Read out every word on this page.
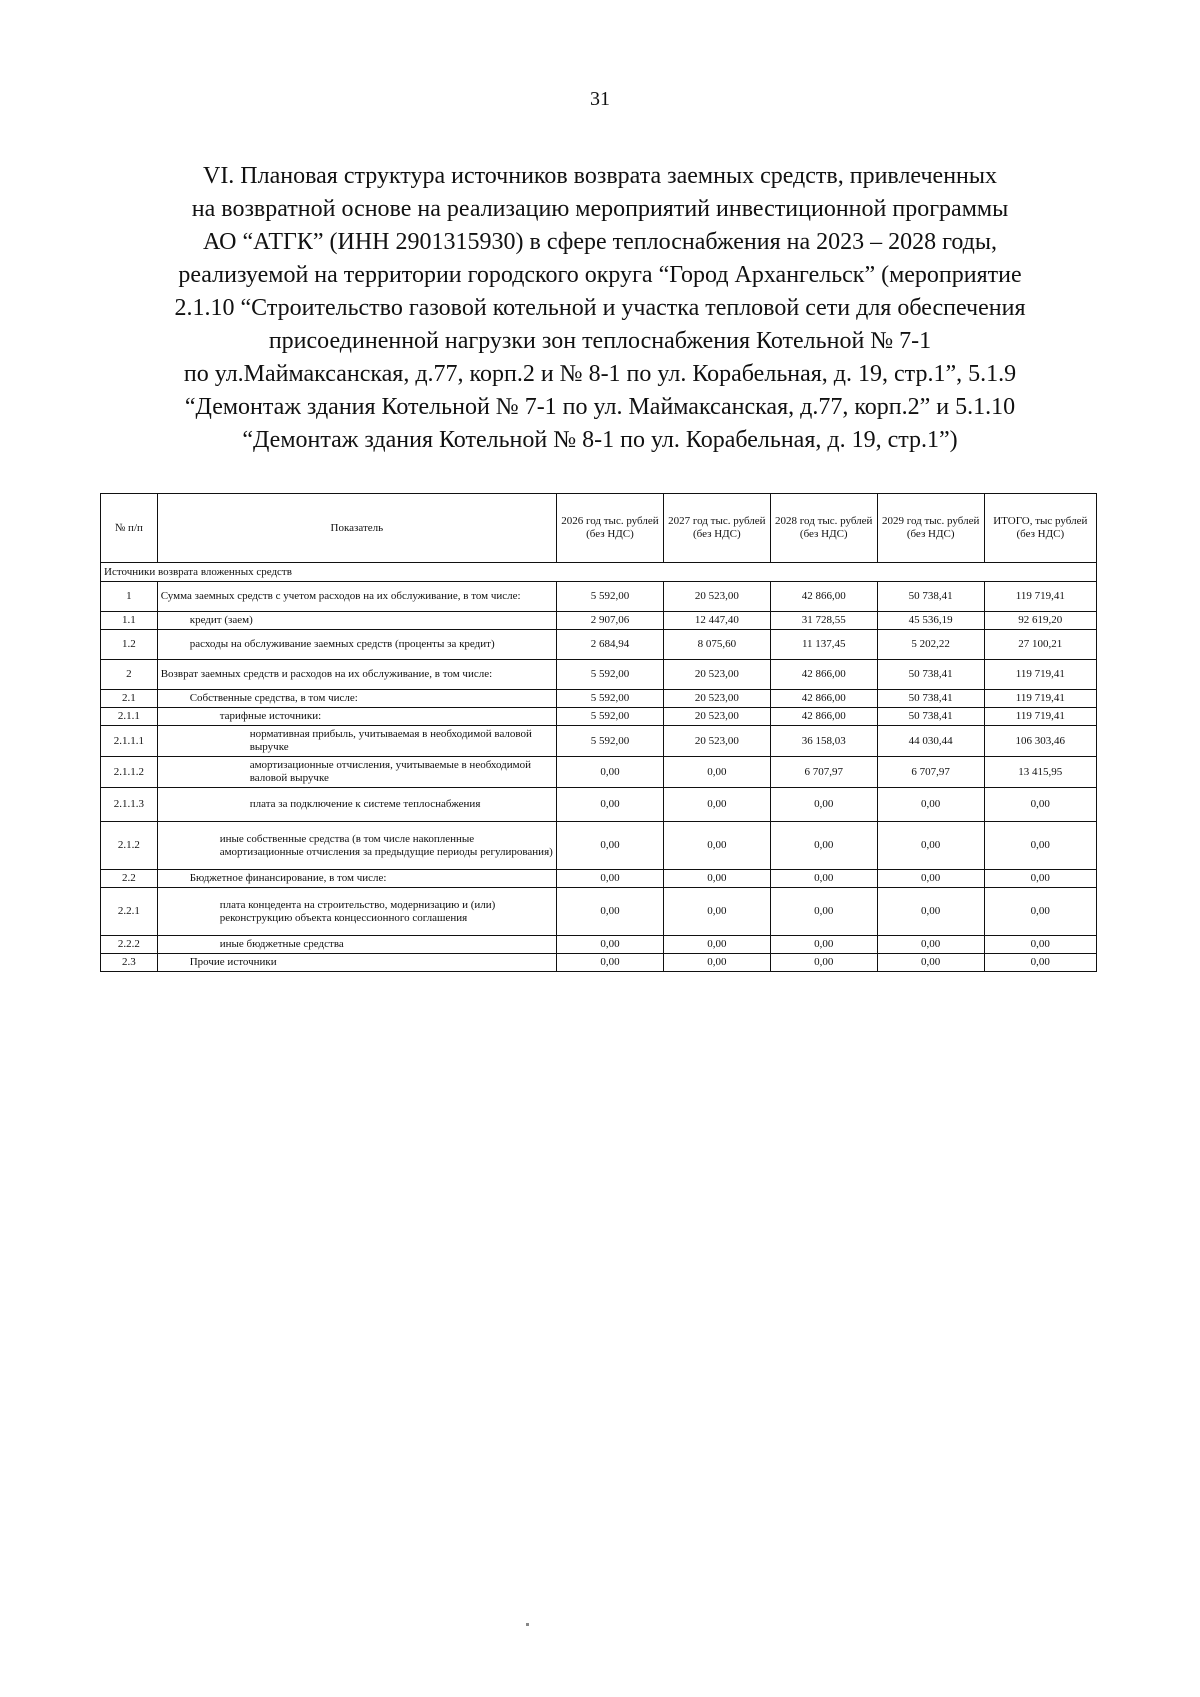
31
VI. Плановая структура источников возврата заемных средств, привлеченных
на возвратной основе на реализацию мероприятий инвестиционной программы
АО “АТГК” (ИНН 2901315930) в сфере теплоснабжения на 2023 – 2028 годы,
реализуемой на территории городского округа “Город Архангельск” (мероприятие
2.1.10 “Строительство газовой котельной и участка тепловой сети для обеспечения
присоединенной нагрузки зон теплоснабжения Котельной № 7-1
по ул.Маймаксанская, д.77, корп.2 и № 8-1 по ул. Корабельная, д. 19, стр.1”, 5.1.9
“Демонтаж здания Котельной № 7-1 по ул. Маймаксанская, д.77, корп.2” и 5.1.10
“Демонтаж здания Котельной № 8-1 по ул. Корабельная, д. 19, стр.1”)
№ п/п	Показатель	2026 год тыс. рублей (без НДС)	2027 год тыс. рублей (без НДС)	2028 год тыс. рублей (без НДС)	2029 год тыс. рублей (без НДС)	ИТОГО, тыс рублей (без НДС)
Источники возврата вложенных средств						
1	Сумма заемных средств с учетом расходов на их обслуживание, в том числе:	5 592,00	20 523,00	42 866,00	50 738,41	119 719,41
1.1	кредит (заем)	2 907,06	12 447,40	31 728,55	45 536,19	92 619,20
1.2	расходы на обслуживание заемных средств (проценты за кредит)	2 684,94	8 075,60	11 137,45	5 202,22	27 100,21
2	Возврат заемных средств и расходов на их обслуживание, в том числе:	5 592,00	20 523,00	42 866,00	50 738,41	119 719,41
2.1	Собственные средства, в том числе:	5 592,00	20 523,00	42 866,00	50 738,41	119 719,41
2.1.1	тарифные источники:	5 592,00	20 523,00	42 866,00	50 738,41	119 719,41
2.1.1.1	нормативная прибыль, учитываемая в необходимой валовой выручке	5 592,00	20 523,00	36 158,03	44 030,44	106 303,46
2.1.1.2	амортизационные отчисления, учитываемые в необходимой валовой выручке	0,00	0,00	6 707,97	6 707,97	13 415,95
2.1.1.3	плата за подключение к системе теплоснабжения	0,00	0,00	0,00	0,00	0,00
2.1.2	иные собственные средства (в том числе накопленные амортизационные отчисления за предыдущие периоды регулирования)	0,00	0,00	0,00	0,00	0,00
2.2	Бюджетное финансирование, в том числе:	0,00	0,00	0,00	0,00	0,00
2.2.1	плата концедента на строительство, модернизацию и (или) реконструкцию объекта концессионного соглашения	0,00	0,00	0,00	0,00	0,00
2.2.2	иные бюджетные средства	0,00	0,00	0,00	0,00	0,00
2.3	Прочие источники	0,00	0,00	0,00	0,00	0,00
